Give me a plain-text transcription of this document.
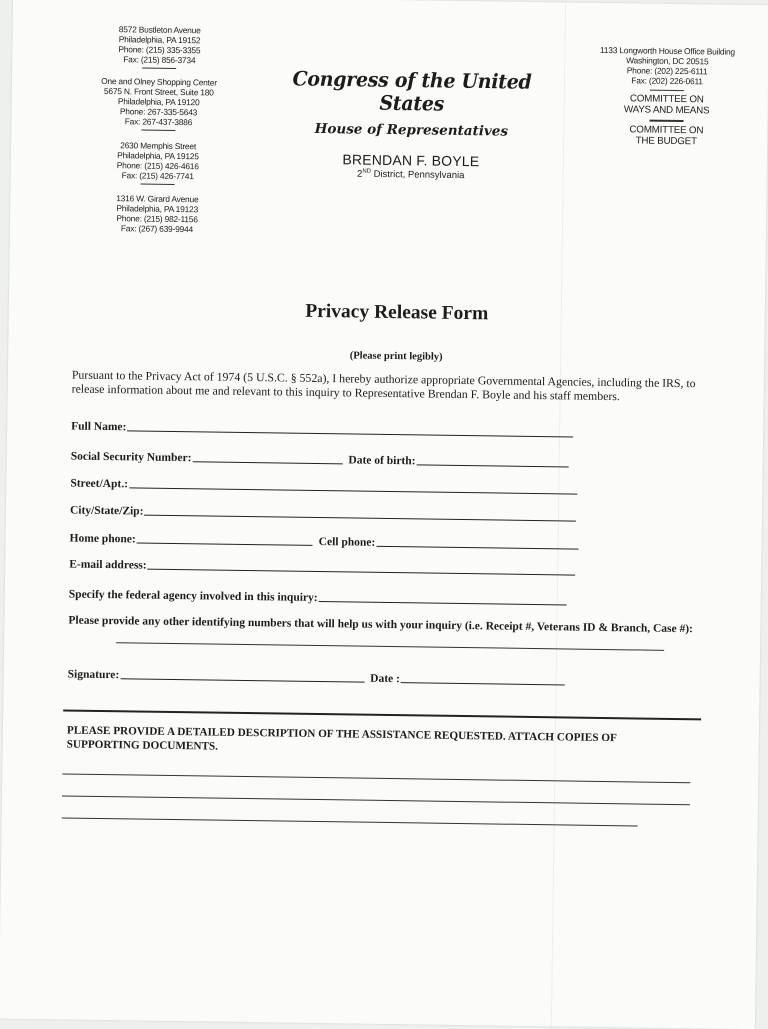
8572 Bustleton Avenue
Philadelphia, PA 19152
Phone: (215) 335-3355
Fax: (215) 856-3734
One and Olney Shopping Center
5675 N. Front Street, Suite 180
Philadelphia, PA 19120
Phone: 267-335-5643
Fax: 267-437-3886
2630 Memphis Street
Philadelphia, PA 19125
Phone: (215) 426-4616
Fax: (215) 426-7741
1316 W. Girard Avenue
Philadelphia, PA 19123
Phone: (215) 982-1156
Fax: (267) 639-9944
Congress of the United States
House of Representatives
BRENDAN F. BOYLE
2ND District, Pennsylvania
1133 Longworth House Office Building
Washington, DC 20515
Phone: (202) 225-6111
Fax: (202) 226-0611
COMMITTEE ON
WAYS AND MEANS
COMMITTEE ON
THE BUDGET
Privacy Release Form
(Please print legibly)
Pursuant to the Privacy Act of 1974 (5 U.S.C. § 552a), I hereby authorize appropriate Governmental Agencies, including the IRS, to release information about me and relevant to this inquiry to Representative Brendan F. Boyle and his staff members.
Full Name:
Social Security Number:	Date of birth:
Street/Apt.:
City/State/Zip:
Home phone:	Cell phone:
E-mail address:
Specify the federal agency involved in this inquiry:
Please provide any other identifying numbers that will help us with your inquiry (i.e. Receipt #, Veterans ID & Branch, Case #):
Signature:	Date :
PLEASE PROVIDE A DETAILED DESCRIPTION OF THE ASSISTANCE REQUESTED. ATTACH COPIES OF SUPPORTING DOCUMENTS.
